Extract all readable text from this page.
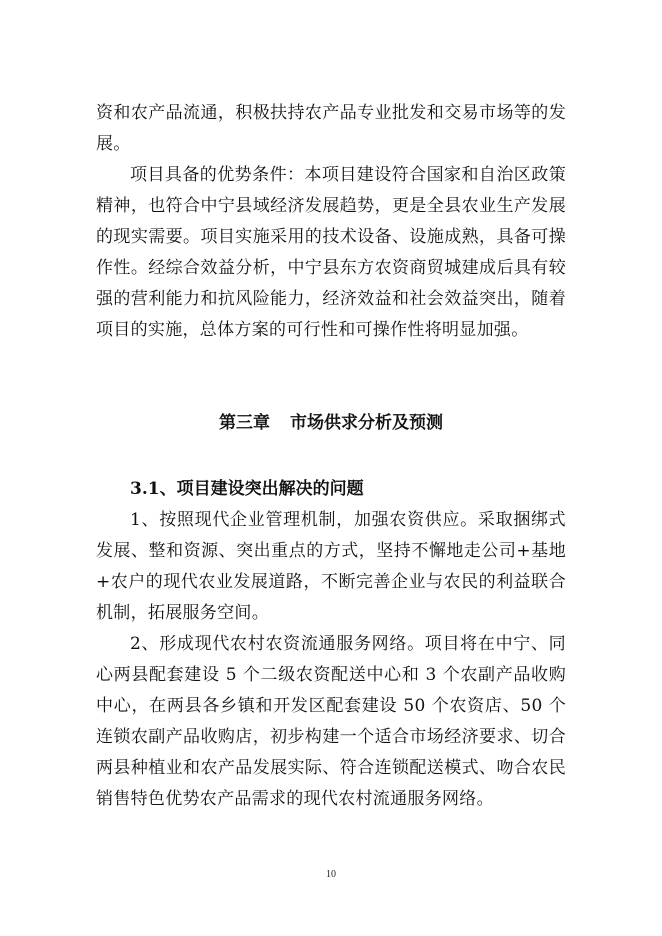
资和农产品流通，积极扶持农产品专业批发和交易市场等的发展。

项目具备的优势条件：本项目建设符合国家和自治区政策精神，也符合中宁县域经济发展趋势，更是全县农业生产发展的现实需要。项目实施采用的技术设备、设施成熟，具备可操作性。经综合效益分析，中宁县东方农资商贸城建成后具有较强的营利能力和抗风险能力，经济效益和社会效益突出，随着项目的实施，总体方案的可行性和可操作性将明显加强。

第三章 市场供求分析及预测
3.1、项目建设突出解决的问题

1、按照现代企业管理机制，加强农资供应。采取捆绑式发展、整和资源、突出重点的方式，坚持不懈地走公司+基地+农户的现代农业发展道路，不断完善企业与农民的利益联合机制，拓展服务空间。

2、形成现代农村农资流通服务网络。项目将在中宁、同心两县配套建设 5 个二级农资配送中心和 3 个农副产品收购中心，在两县各乡镇和开发区配套建设 50 个农资店、50 个连锁农副产品收购店，初步构建一个适合市场经济要求、切合两县种植业和农产品发展实际、符合连锁配送模式、吻合农民销售特色优势农产品需求的现代农村流通服务网络。

10
